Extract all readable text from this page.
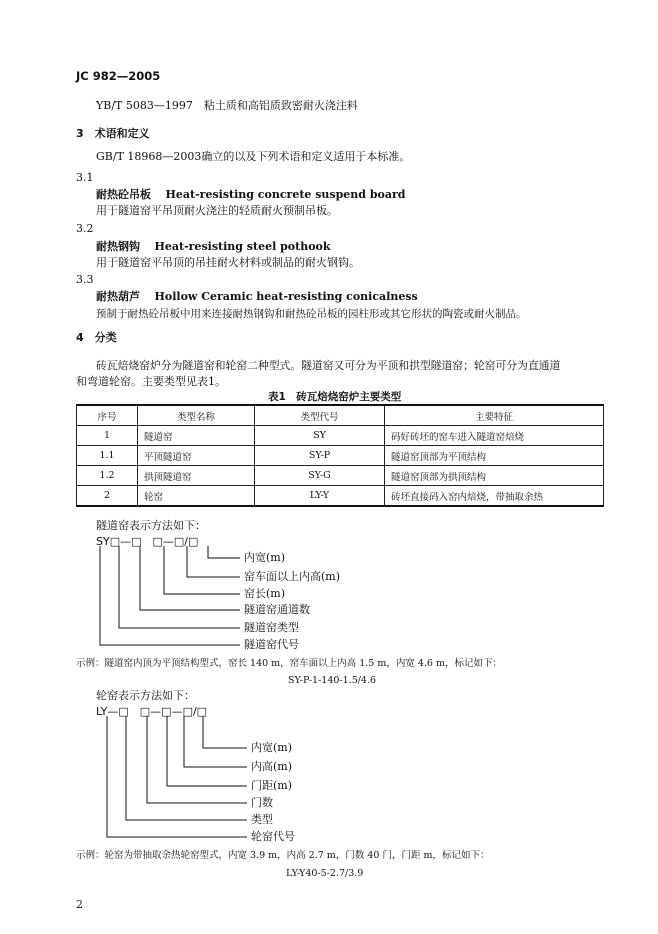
JC 982—2005
YB/T 5083—1997　粘土质和高铝质致密耐火浇注料
3　术语和定义
GB/T 18968—2003确立的以及下列术语和定义适用于本标准。
3.1
耐热砼吊板　 Heat-resisting concrete suspend board
用于隧道窑平吊顶耐火浇注的轻质耐火预制吊板。
3.2
耐热钢钩　 Heat-resisting steel pothook
用于隧道窑平吊顶的吊挂耐火材料或制品的耐火钢钩。
3.3
耐热葫芦　 Hollow Ceramic heat-resisting conicalness
预制于耐热砼吊板中用来连接耐热钢钩和耐热砼吊板的园柱形或其它形状的陶瓷或耐火制品。
4　分类
砖瓦焙烧窑炉分为隧道窑和轮窑二种型式。隧道窑又可分为平顶和拱型隧道窑；轮窑可分为直通道
和弯道轮窑。主要类型见表1。
表1　砖瓦焙烧窑炉主要类型
序号	类型名称	类型代号	主要特征
1	隧道窑	SY	码好砖坯的窑车进入隧道窑焙烧
1.1	平顶隧道窑	SY-P	隧道窑顶部为平顶结构
1.2	拱顶隧道窑	SY-G	隧道窑顶部为拱顶结构
2	轮窑	LY-Y	砖坯直接码入窑内焙烧，带抽取余热
隧道窑表示方法如下：
SY□—□　□—□/□
内宽(m)
窑车面以上内高(m)
窑长(m)
隧道窑通道数
隧道窑类型
隧道窑代号
示例：隧道窑内顶为平顶结构型式，窑长 140 m，窑车面以上内高 1.5 m，内宽 4.6 m，标记如下：
SY-P-1-140-1.5/4.6
轮窑表示方法如下：
LY—□　□—□—□/□
内宽(m)
内高(m)
门距(m)
门数
类型
轮窑代号
示例：轮窑为带抽取余热轮窑型式，内宽 3.9 m，内高 2.7 m，门数 40 门，门距 m，标记如下：
LY-Y40-5-2.7/3.9
2
